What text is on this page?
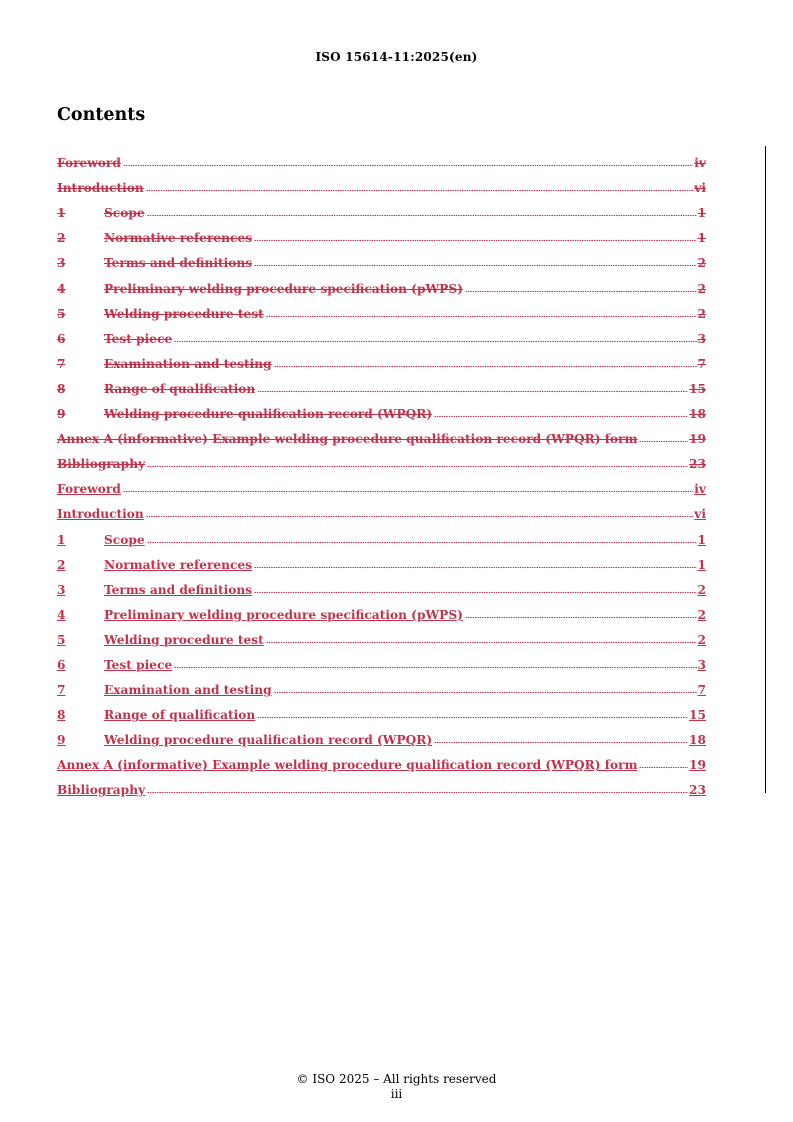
ISO 15614-11:2025(en)
Contents
Foreword	iv
Introduction	vi
1	Scope	1
2	Normative references	1
3	Terms and definitions	2
4	Preliminary welding procedure specification (pWPS)	2
5	Welding procedure test	2
6	Test piece	3
7	Examination and testing	7
8	Range of qualification	15
9	Welding procedure qualification record (WPQR)	18
Annex A (informative) Example welding procedure qualification record (WPQR) form	19
Bibliography	23
Foreword	iv
Introduction	vi
1	Scope	1
2	Normative references	1
3	Terms and definitions	2
4	Preliminary welding procedure specification (pWPS)	2
5	Welding procedure test	2
6	Test piece	3
7	Examination and testing	7
8	Range of qualification	15
9	Welding procedure qualification record (WPQR)	18
Annex A (informative) Example welding procedure qualification record (WPQR) form	19
Bibliography	23
© ISO 2025 – All rights reserved
iii
